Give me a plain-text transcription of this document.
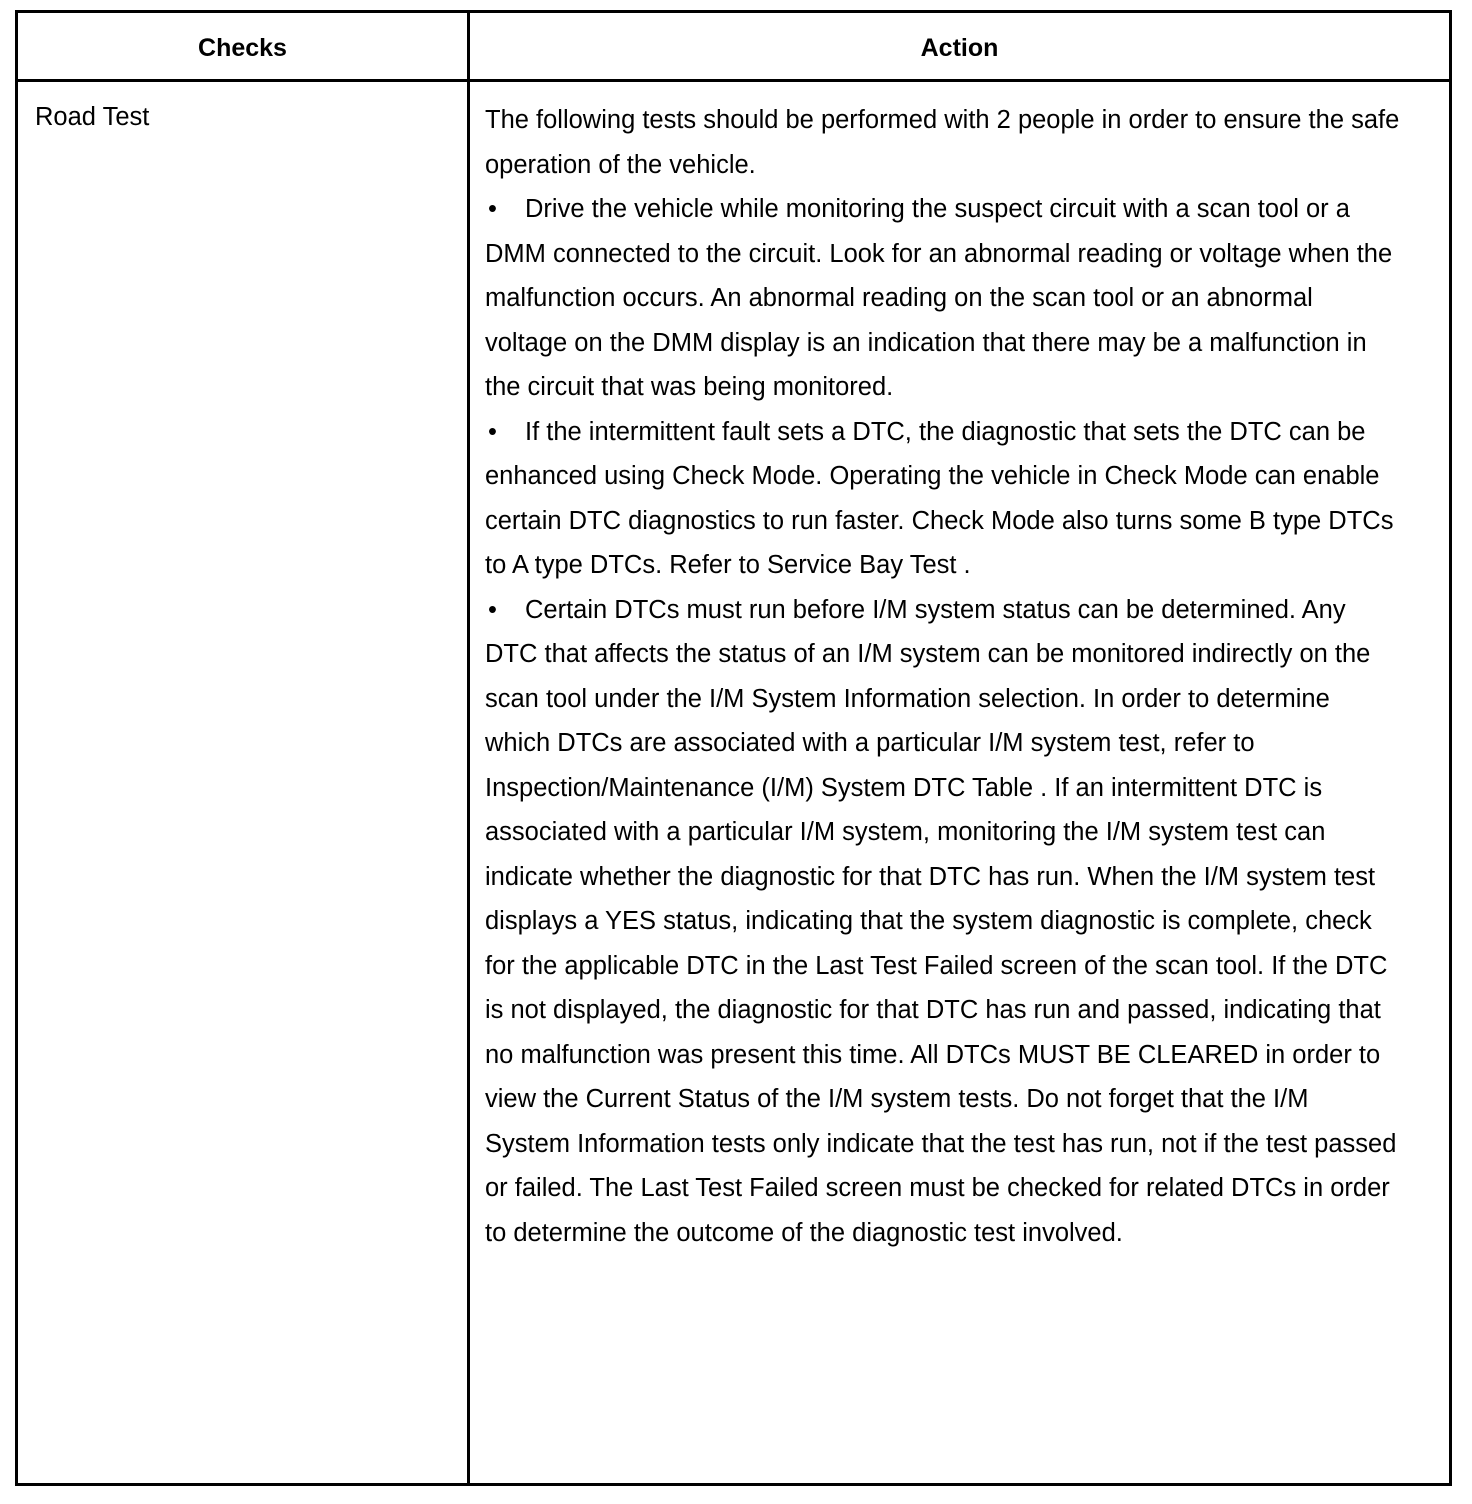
Checks	Action
Road Test	The following tests should be performed with 2 people in order to ensure the safe operation of the vehicle.

• Drive the vehicle while monitoring the suspect circuit with a scan tool or a DMM connected to the circuit. Look for an abnormal reading or voltage when the malfunction occurs. An abnormal reading on the scan tool or an abnormal voltage on the DMM display is an indication that there may be a malfunction in the circuit that was being monitored.

• If the intermittent fault sets a DTC, the diagnostic that sets the DTC can be enhanced using Check Mode. Operating the vehicle in Check Mode can enable certain DTC diagnostics to run faster. Check Mode also turns some B type DTCs to A type DTCs. Refer to Service Bay Test .

• Certain DTCs must run before I/M system status can be determined. Any DTC that affects the status of an I/M system can be monitored indirectly on the scan tool under the I/M System Information selection. In order to determine which DTCs are associated with a particular I/M system test, refer to Inspection/Maintenance (I/M) System DTC Table . If an intermittent DTC is associated with a particular I/M system, monitoring the I/M system test can indicate whether the diagnostic for that DTC has run. When the I/M system test displays a YES status, indicating that the system diagnostic is complete, check for the applicable DTC in the Last Test Failed screen of the scan tool. If the DTC is not displayed, the diagnostic for that DTC has run and passed, indicating that no malfunction was present this time. All DTCs MUST BE CLEARED in order to view the Current Status of the I/M system tests. Do not forget that the I/M System Information tests only indicate that the test has run, not if the test passed or failed. The Last Test Failed screen must be checked for related DTCs in order to determine the outcome of the diagnostic test involved.
